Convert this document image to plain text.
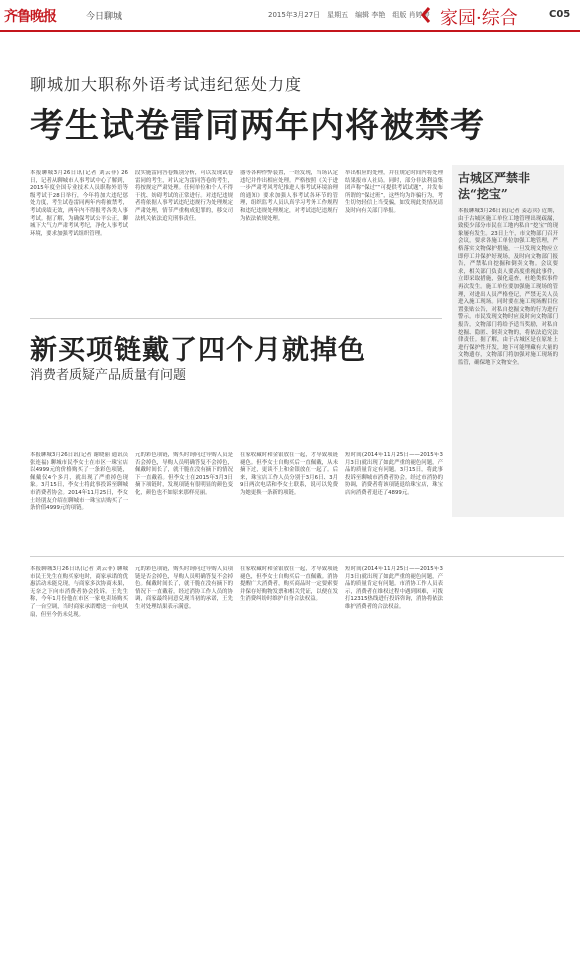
齐鲁晚报	今日聊城	2015年3月27日　星期五　编辑 李艳　组版 肖婷婷 家园·综合	C05
聊城加大职称外语考试违纪惩处力度
考生试卷雷同两年内将被禁考
本报聊城3月26日讯(记者 刘云菲) 26日，记者从聊城市人事考试中心了解到，2015年度全国专业技术人员职称外语等级考试于28日举行，今年将加大违纪惩处力度，考生试卷雷同两年内将被禁考，考试成绩无效，两年内不得报考各类人事考试。据了解，为确保考试公平公正，聊城下大气力严肃考风考纪，净化人事考试环境，要求加强考试组织管理。
段实施雷同答卷甄别分析，可以发现试卷雷同的考生，对认定为雷同答卷的考生，将按规定严肃处理。任何单位和个人不得干扰、妨碍考试的正常进行。对违纪违规者将依据人事考试违纪违规行为处理规定严肃处理，情节严重构成犯罪的，移交司法机关依法追究刑事责任。
器等各种作弊装置，一经发现，当场认定违纪并作出相应处理。严格按照《关于进一步严肃考风考纪推进人事考试环境治理的通知》要求加强人事考试各环节的管理，组织监考人员认真学习考务工作规程和违纪违规处理规定，对考试违纪违规行为依法依规处理。
举出相应的处理，并在规定时间内将处理结果报市人社局。同时，部分非法利益集团声称“保过”“可提供考试试题”，并发布所谓的“保过班”，这些均为诈骗行为，考生切勿轻信上当受骗，如发现此类情况请及时向有关部门举报。
古城区严禁非法“挖宝”
本报聊城3月26日讯(记者 姜志宾) 近期，由于古城区施工单位工地管理出现疏漏，致使少部分市民在工地内私自“挖宝”的现象屡有发生。23日上午，市文物部门召开会议，要求各施工单位加强工地管理，严格落实文物保护措施，一旦发现文物应立即停工并保护好现场，及时向文物部门报告，严禁私自挖掘和倒卖文物。会议要求，相关部门负责人要高度重视此事件，立即采取措施，强化巡查，杜绝类似事件再次发生。施工单位要加强施工现场的管理，对进出人员严格登记，严禁无关人员进入施工现场。同时要在施工现场醒目位置张贴公告，对私自挖掘文物的行为进行警示。市民发现文物时应及时向文物部门报告，文物部门将给予适当奖励，对私自挖掘、隐匿、倒卖文物的，将依法追究法律责任。据了解，由于古城区是在原址上进行保护性开发，地下可能埋藏有大量的文物遗存，文物部门将加强对施工现场的监管，确保地下文物安全。
新买项链戴了四个月就掉色
消费者质疑产品质量有问题
本报聊城3月26日讯(记者 谢晓丽 通讯员 张连福) 聊城市民李女士在市区一珠宝店以4999元的价格购买了一条彩色项链，佩戴仅4个多月，就出现了严重掉色现象。3月15日，李女士将此事投诉至聊城市消费者协会。2014年11月25日，李女士经朋友介绍在聊城市一珠宝店购买了一条价值4999元的项链。
元的彩色项链，购买时询问过导购人员是否会掉色，导购人员明确答复不会掉色，佩戴时间长了，就干脆在没有摘下的情况下一直戴着。但李女士在2015年3月3日摘下项链时，发现项链有很明显的颜色变化，颜色也不如原来那样亮丽。
在家收藏时和金银放在一起，才导致项链褪色。但李女士自购买后一直佩戴，从未摘下过，更谈不上和金银放在一起了。后来，珠宝店工作人员分别于3月6日、3月9日两次电话和李女士联系，说可以免费为她更换一条新的项链。
短时间(2014年11月25日——2015年3月3日)就出现了如此严重的褪色问题，产品的质量肯定有问题。3月15日，将此事投诉至聊城市消费者协会。经过市消协的协调，消费者将该项链退给珠宝店，珠宝店向消费者退还了4899元。
本报聊城3月26日讯(记者 刘云菲) 聊城市民王先生在购买家电时，商家承诺的优惠活动未能兑现，与商家多次协商未果，无奈之下向市消费者协会投诉。王先生称，今年1月份他在市区一家电卖场购买了一台空调，当时商家承诺赠送一台电风扇，但至今仍未兑现。
元的彩色项链，购买时询问过导购人员项链是否会掉色，导购人员明确答复不会掉色。佩戴时间长了，就干脆在没有摘下的情况下一直戴着，经过消协工作人员的协调，商家最终同意兑现当初的承诺，王先生对处理结果表示满意。
在家收藏时和金银放在一起，才导致项链褪色，但李女士自购买后一直佩戴。消协提醒广大消费者，购买商品时一定要索要并保存好购物发票和相关凭证，以便在发生消费纠纷时维护自身合法权益。
短时间(2014年11月25日——2015年3月3日)就出现了如此严重的褪色问题，产品的质量肯定有问题。市消协工作人员表示，消费者在维权过程中遇到困难，可拨打12315热线进行投诉咨询，消协将依法维护消费者的合法权益。
